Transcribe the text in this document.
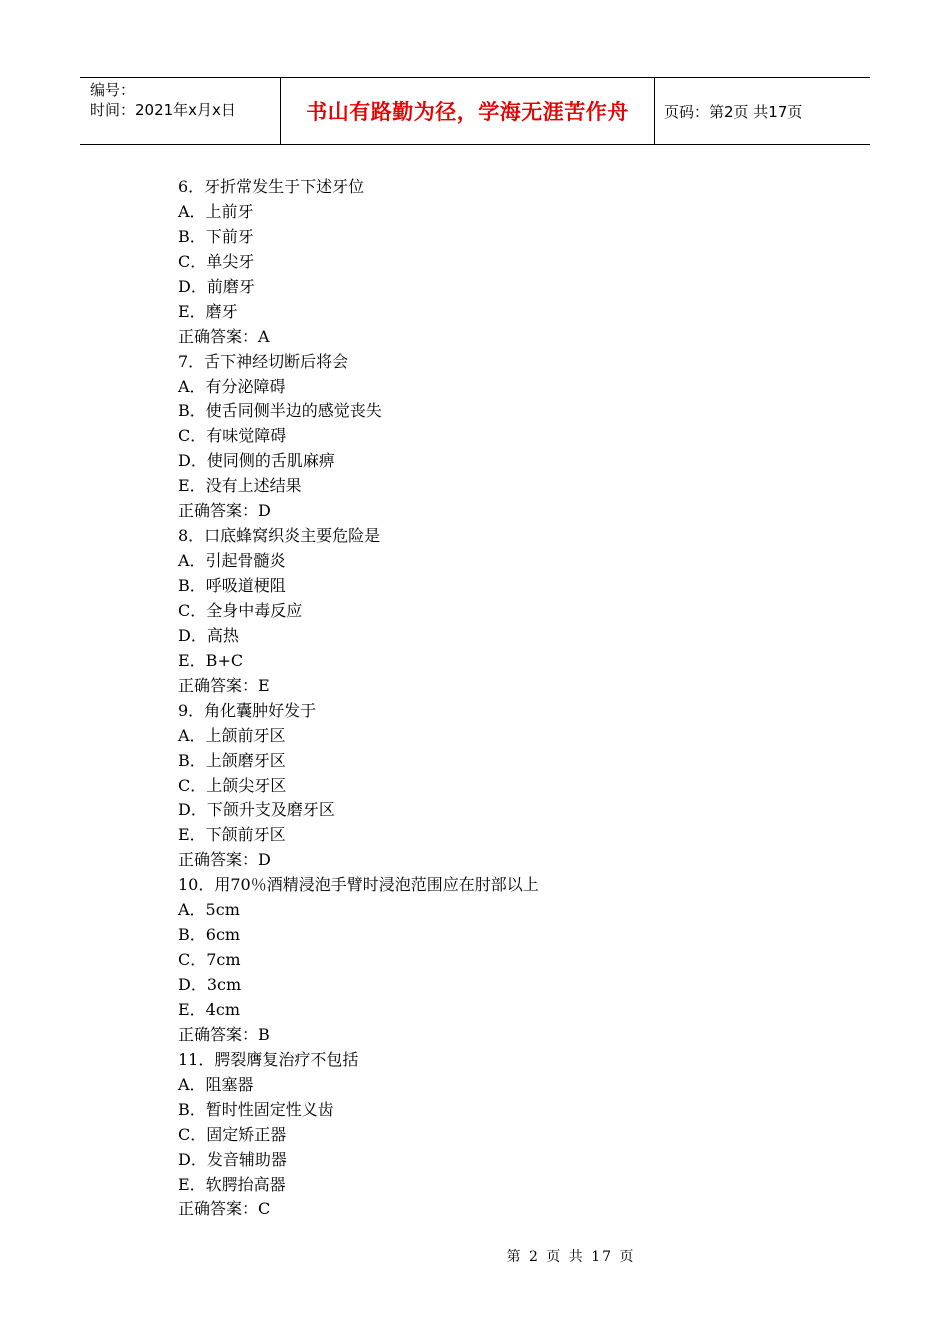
编号：
时间：2021年x月x日	书山有路勤为径，学海无涯苦作舟 页码：第2页 共17页
6．牙折常发生于下述牙位
A．上前牙
B．下前牙
C．单尖牙
D．前磨牙
E．磨牙
正确答案：A
7．舌下神经切断后将会
A．有分泌障碍
B．使舌同侧半边的感觉丧失
C．有味觉障碍
D．使同侧的舌肌麻痹
E．没有上述结果
正确答案：D
8．口底蜂窝织炎主要危险是
A．引起骨髓炎
B．呼吸道梗阻
C．全身中毒反应
D．高热
E．B+C
正确答案：E
9．角化囊肿好发于
A．上颌前牙区
B．上颌磨牙区
C．上颌尖牙区
D．下颌升支及磨牙区
E．下颌前牙区
正确答案：D
10．用70％酒精浸泡手臂时浸泡范围应在肘部以上
A．5cm
B．6cm
C．7cm
D．3cm
E．4cm
正确答案：B
11．腭裂膺复治疗不包括
A．阻塞器
B．暂时性固定性义齿
C．固定矫正器
D．发音辅助器
E．软腭抬高器
正确答案：C
第 2 页 共 17 页
